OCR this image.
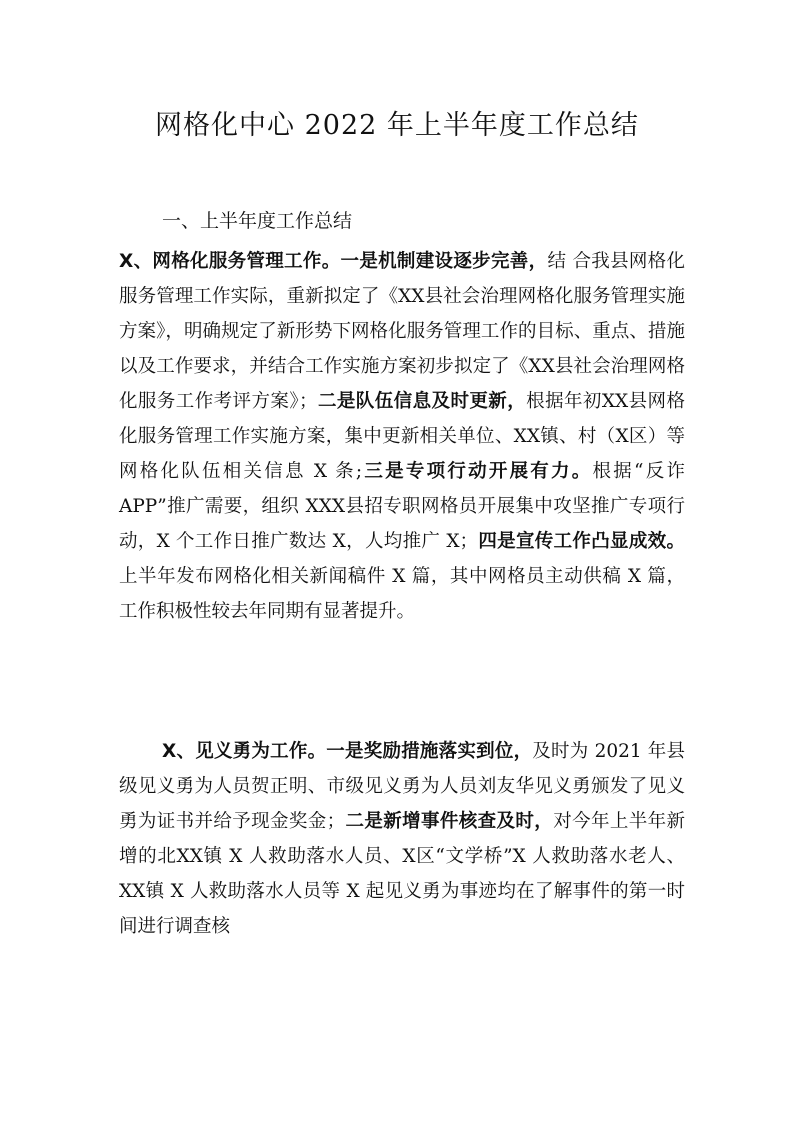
网格化中心 2022 年上半年度工作总结
一、上半年度工作总结

X、网格化服务管理工作。一是机制建设逐步完善，结 合我县网格化服务管理工作实际，重新拟定了《XX县社会治理网格化服务管理实施方案》，明确规定了新形势下网格化服务管理工作的目标、重点、措施以及工作要求，并结合工作实施方案初步拟定了《XX县社会治理网格化服务工作考评方案》；二是队伍信息及时更新，根据年初XX县网格化服务管理工作实施方案，集中更新相关单位、XX镇、村（X区）等网格化队伍相关信息 X 条;三是专项行动开展有力。根据“反诈 APP”推广需要，组织 XXX县招专职网格员开展集中攻坚推广专项行动，X 个工作日推广数达 X，人均推广 X；四是宣传工作凸显成效。上半年发布网格化相关新闻稿件 X 篇，其中网格员主动供稿 X 篇，工作积极性较去年同期有显著提升。

X、见义勇为工作。一是奖励措施落实到位，及时为 2021 年县级见义勇为人员贺正明、市级见义勇为人员刘友华见义勇颁发了见义勇为证书并给予现金奖金；二是新增事件核查及时，对今年上半年新增的北XX镇 X 人救助落水人员、X区“文学桥”X 人救助落水老人、XX镇 X 人救助落水人员等 X 起见义勇为事迹均在了解事件的第一时间进行调查核
